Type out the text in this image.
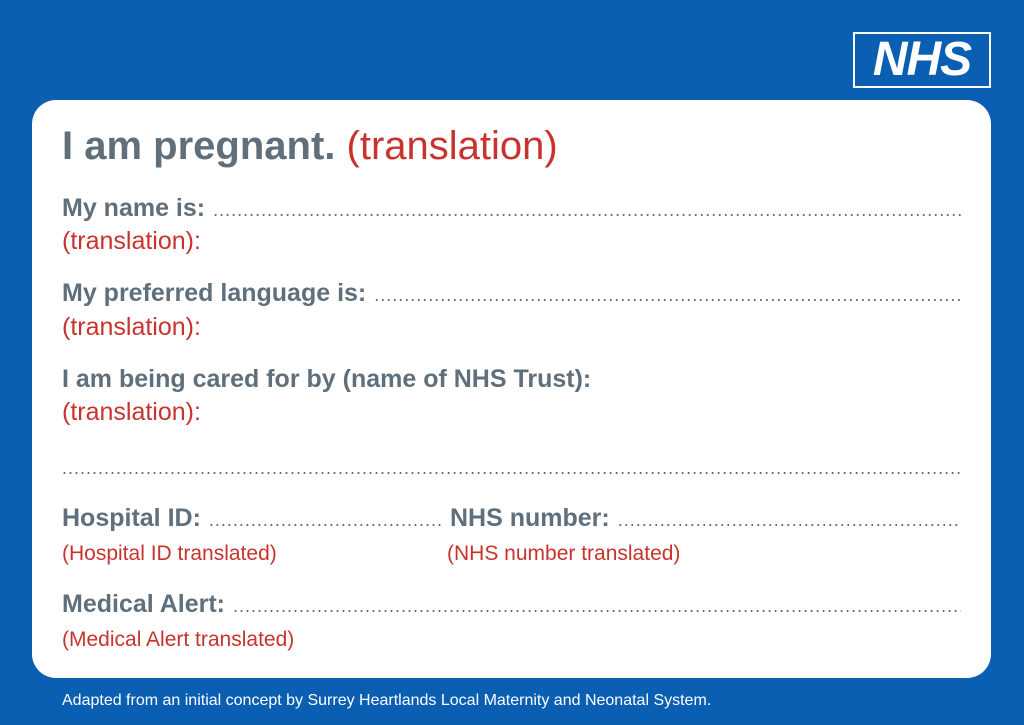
NHS
I am pregnant. (translation)
My name is:
.....
(translation):
My preferred language is:
.....
(translation):
I am being cared for by (name of NHS Trust):
(translation):
.....
Hospital ID:
.....
(Hospital ID translated)
NHS number:
.....
(NHS number translated)
Medical Alert:
.....
(Medical Alert translated)
Adapted from an initial concept by Surrey Heartlands Local Maternity and Neonatal System.
